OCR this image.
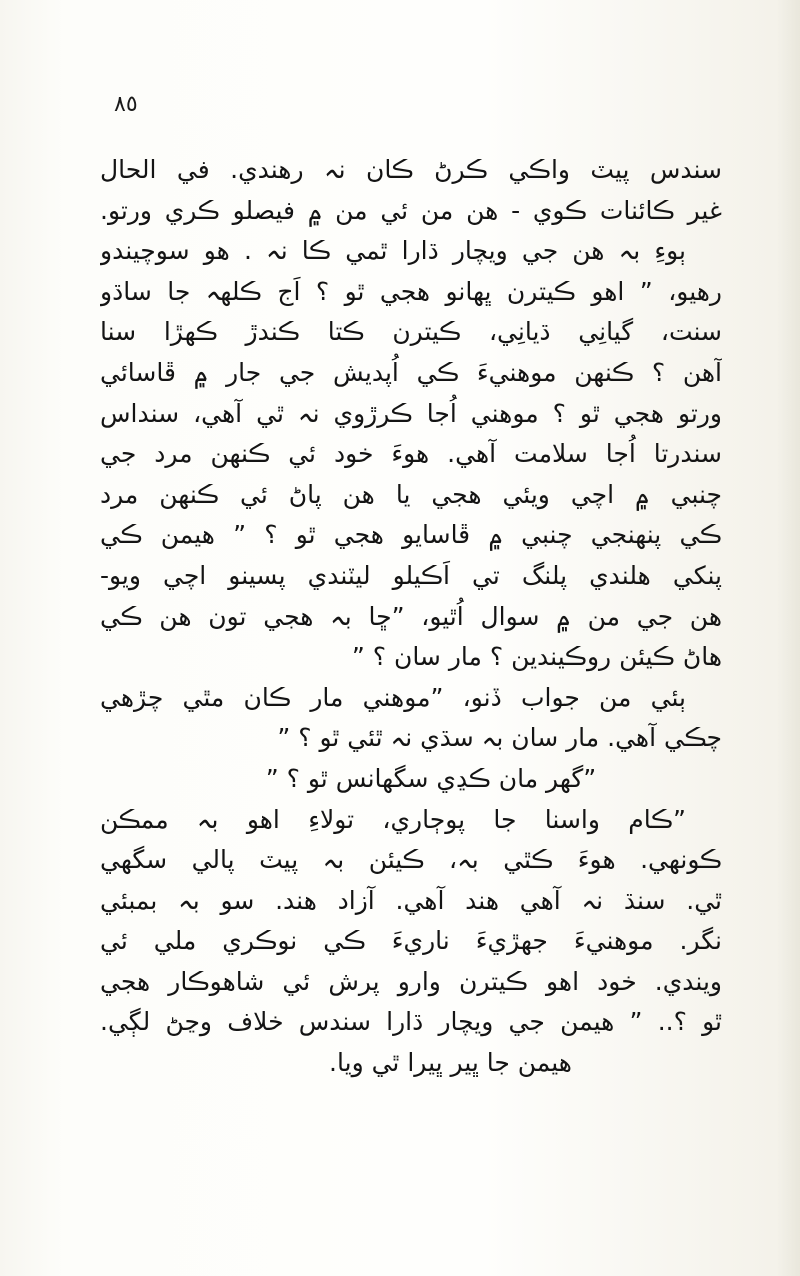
٨٥
سندس پيٽ واڪي ڪرڻ ڪان نہ رهندي. في الحال
غير ڪائنات ڪوي - هن من ئي من ۾ فيصلو ڪري ورتو.
ٻوءِ بہ هن جي ويچار ڌارا ٿمي ڪا نہ . هو سوچيندو
رهيو، ” اهو ڪيترن ڀهانو هجي ٿو ؟ اَج ڪلهہ جا ساڌو
سنت، گيانِي ڌيانِي، ڪيترن ڪتا ڪندڙ ڪهڙا سنا
آهن ؟ ڪنهن موهنيءَ ڪي اُپديش جي جار ۾ ڦاسائي
ورتو هجي ٿو ؟ موهني اُجا ڪرڙوي نہ ٿي آهي، سنداس
سندرتا اُجا سلامت آهي. هوءَ خود ئي ڪنهن مرد جي
چنبي ۾ اچي ويئي هجي يا هن پاڻ ئي ڪنهن مرد
ڪي پنهنجي چنبي ۾ ڦاسايو هجي ٿو ؟ ” هيمن ڪي
پنکي هلندي پلنگ تي اَڪيلو ليٽندي پسينو اچي ويو-
هن جي من ۾ سوال اُٿيو، ”ڇا بہ هجي تون هن ڪي
هاڻ ڪيئن روڪيندين ؟ مار سان ؟ ”
ٻئي من جواب ڏنو، ”موهني مار ڪان مٿي چڙهي
چڪي آهي. مار سان بہ سڌي نہ ٿئي ٿو ؟ ”
”گهر مان ڪڍي سگهانس ٿو ؟ ”
”ڪام واسنا جا پوڄاري، تولاءِ اهو بہ ممڪن
ڪونهي. هوءَ ڪٿي بہ، ڪيئن بہ پيٽ پالي سگهي
ٿي. سنڌ نہ آهي هند آهي. آزاد هند. سو بہ بمبئي
نگر. موهنيءَ جهڙيءَ ناريءَ ڪي نوڪري ملي ئي
ويندي. خود اهو ڪيترن وارو پرش ئي شاهوڪار هجي
ٿو ؟.. ” هيمن جي ويچار ڌارا سندس خلاف وڃڻ لڳي.
هيمن جا ڀير ڀيرا ٿي ويا.
